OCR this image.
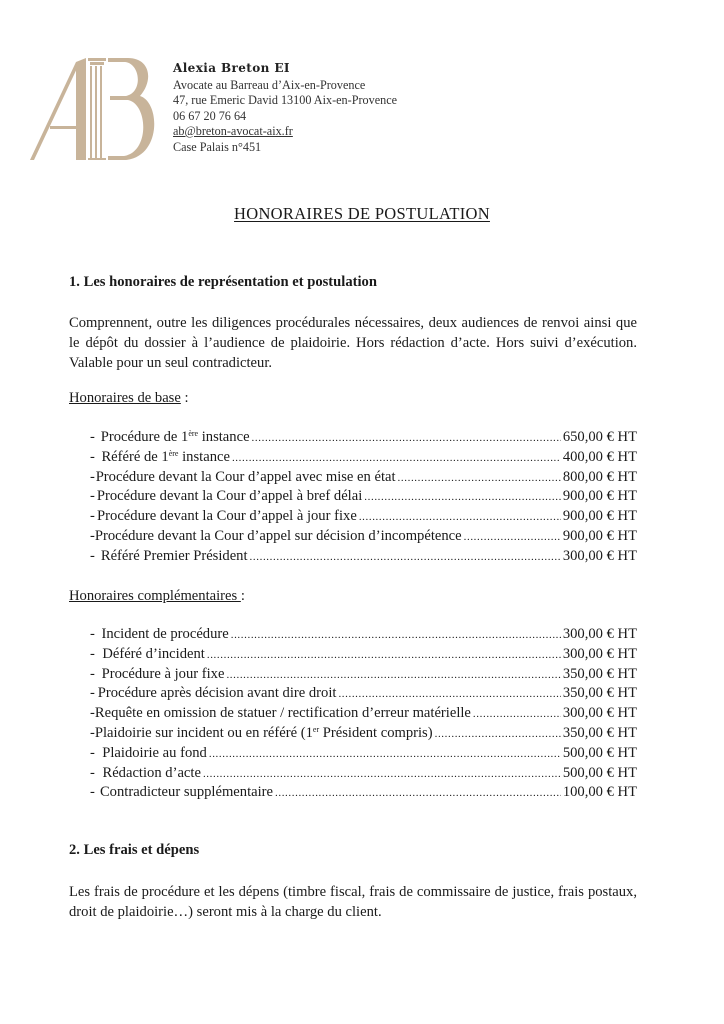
Alexia Breton EI
Avocate au Barreau d’Aix-en-Provence
47, rue Emeric David 13100 Aix-en-Provence
06 67 20 76 64
ab@breton-avocat-aix.fr
Case Palais n°451
HONORAIRES DE POSTULATION
1. Les honoraires de représentation et postulation
Comprennent, outre les diligences procédurales nécessaires, deux audiences de renvoi ainsi que le dépôt du dossier à l’audience de plaidoirie. Hors rédaction d’acte. Hors suivi d’exécution. Valable pour un seul contradicteur.
Honoraires de base :
- Procédure de 1ère instance .....	650,00 € HT
- Référé de 1ère instance .....	400,00 € HT
- Procédure devant la Cour d’appel avec mise en état .....	800,00 € HT
- Procédure devant la Cour d’appel à bref délai .....	900,00 € HT
- Procédure devant la Cour d’appel à jour fixe .....	900,00 € HT
- Procédure devant la Cour d’appel sur décision d’incompétence .....	900,00 € HT
- Référé Premier Président .....	300,00 € HT
Honoraires complémentaires :
- Incident de procédure .....	300,00 € HT
- Déféré d’incident .....	300,00 € HT
- Procédure à jour fixe .....	350,00 € HT
- Procédure après décision avant dire droit .....	350,00 € HT
- Requête en omission de statuer / rectification d’erreur matérielle .....	300,00 € HT
- Plaidoirie sur incident ou en référé (1er Président compris) .....	350,00 € HT
- Plaidoirie au fond .....	500,00 € HT
- Rédaction d’acte .....	500,00 € HT
- Contradicteur supplémentaire .....	100,00 € HT
2. Les frais et dépens
Les frais de procédure et les dépens (timbre fiscal, frais de commissaire de justice, frais postaux, droit de plaidoirie…) seront mis à la charge du client.
